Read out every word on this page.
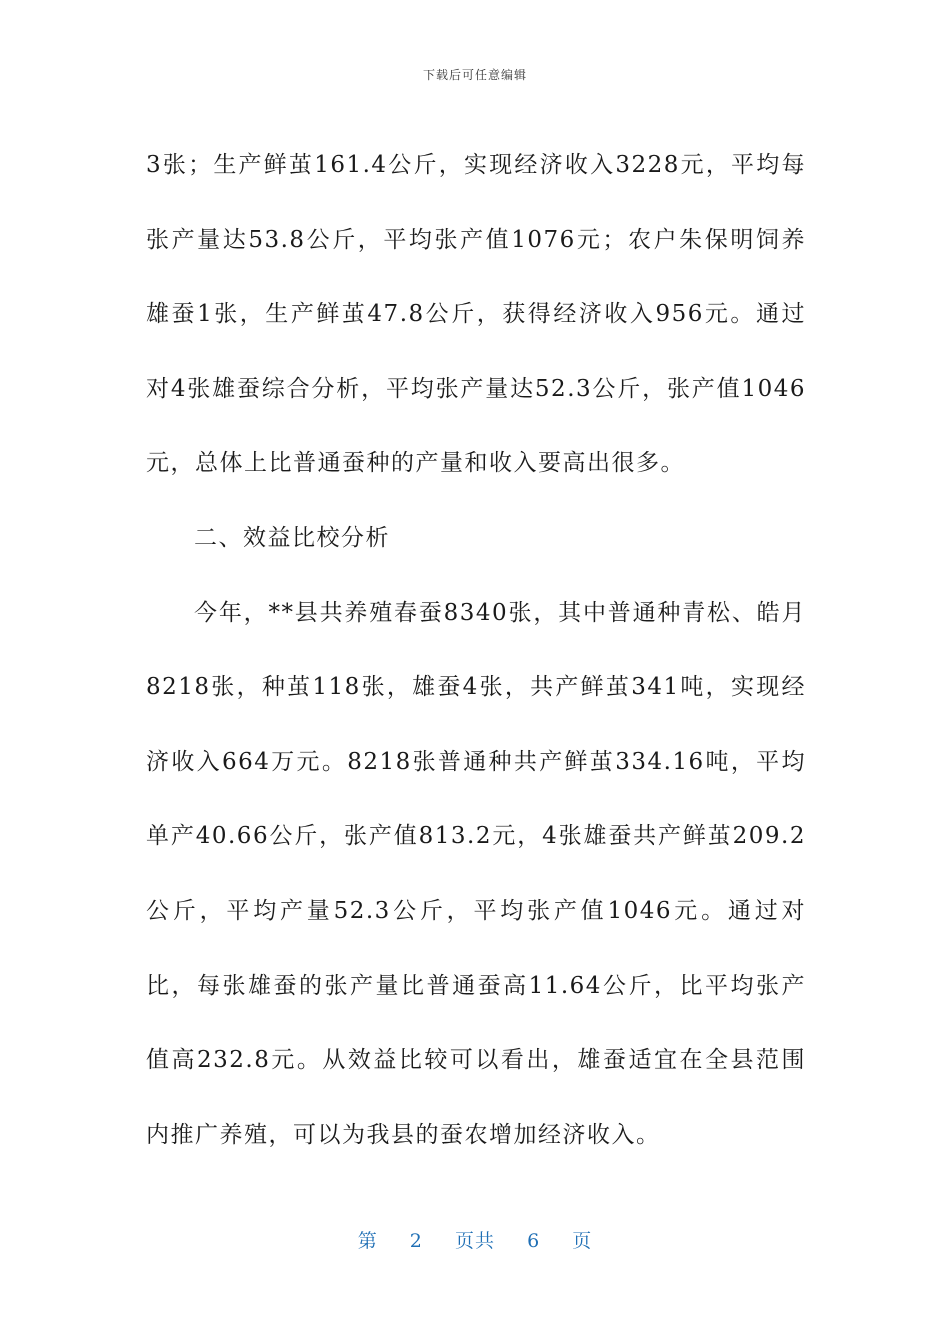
下载后可任意编辑

3张；生产鲜茧161.4公斤，实现经济收入3228元，平均每张产量达53.8公斤，平均张产值1076元；农户朱保明饲养雄蚕1张，生产鲜茧47.8公斤，获得经济收入956元。通过对4张雄蚕综合分析，平均张产量达52.3公斤，张产值1046元，总体上比普通蚕种的产量和收入要高出很多。

二、效益比校分析

今年，**县共养殖春蚕8340张，其中普通种青松、皓月8218张，种茧118张，雄蚕4张，共产鲜茧341吨，实现经济收入664万元。8218张普通种共产鲜茧334.16吨，平均单产40.66公斤，张产值813.2元，4张雄蚕共产鲜茧209.2公斤，平均产量52.3公斤，平均张产值1046元。通过对比，每张雄蚕的张产量比普通蚕高11.64公斤，比平均张产值高232.8元。从效益比较可以看出，雄蚕适宜在全县范围内推广养殖，可以为我县的蚕农增加经济收入。

第 2 页共 6 页
